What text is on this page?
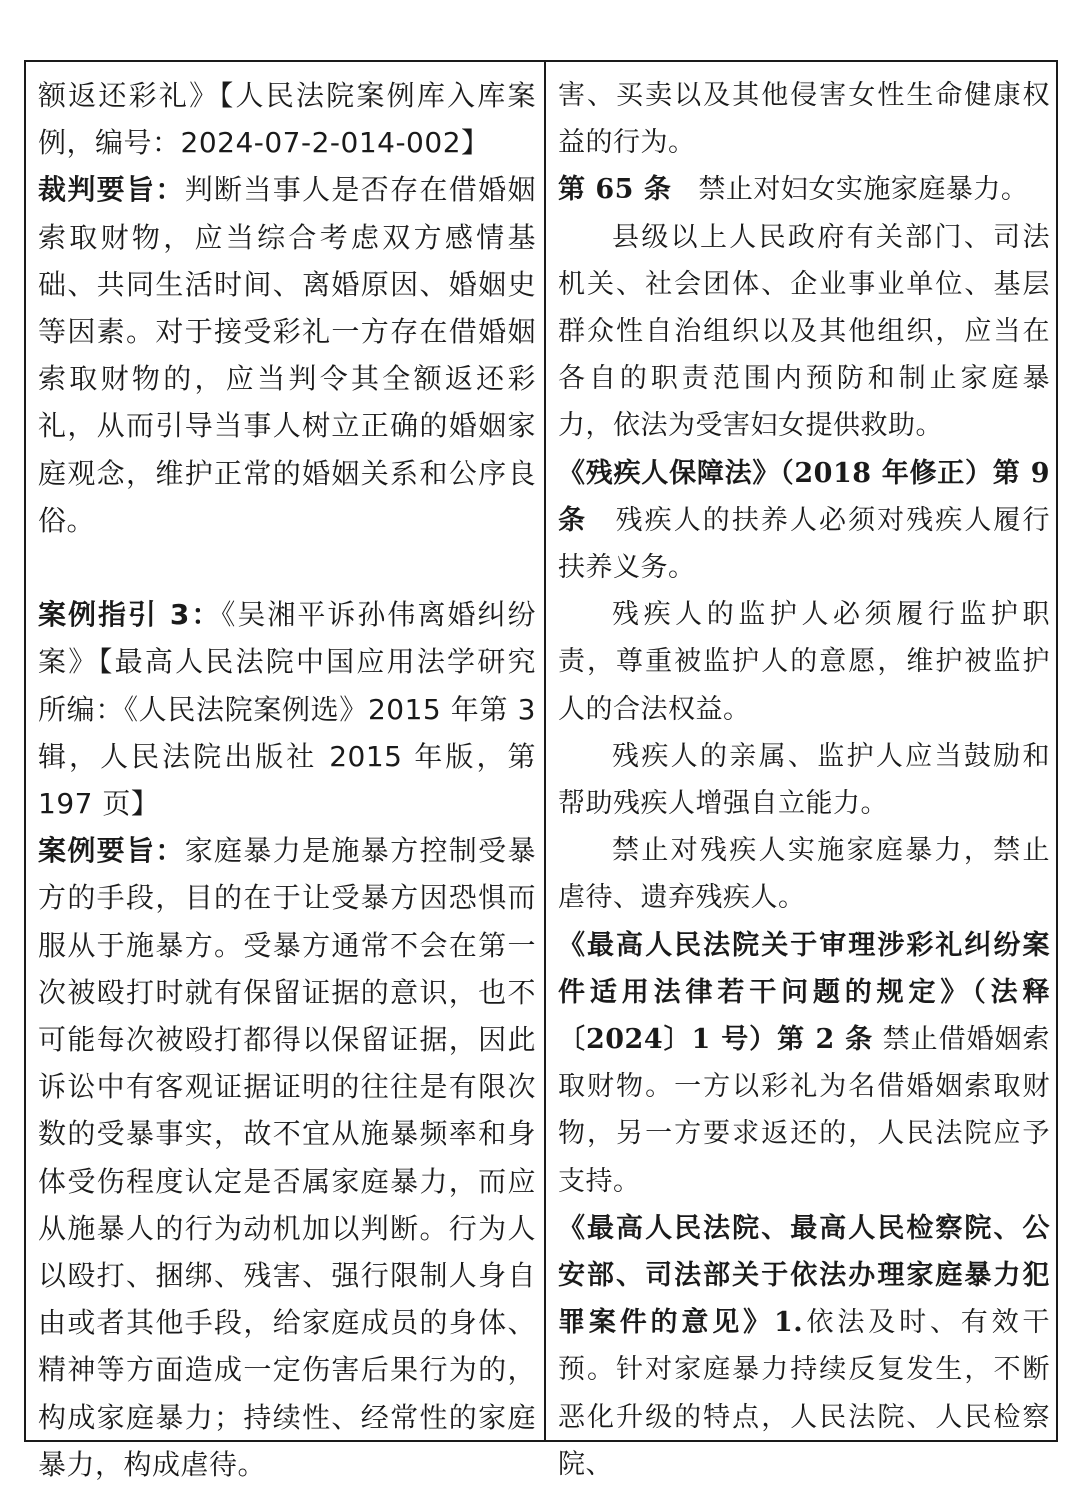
额返还彩礼》【人民法院案例库入库案例，编号：2024-07-2-014-002】

裁判要旨：判断当事人是否存在借婚姻索取财物，应当综合考虑双方感情基础、共同生活时间、离婚原因、婚姻史等因素。对于接受彩礼一方存在借婚姻索取财物的，应当判令其全额返还彩礼，从而引导当事人树立正确的婚姻家庭观念，维护正常的婚姻关系和公序良俗。

案例指引 3：《吴湘平诉孙伟离婚纠纷案》【最高人民法院中国应用法学研究所编：《人民法院案例选》2015 年第 3 辑，人民法院出版社 2015 年版，第 197 页】

案例要旨：家庭暴力是施暴方控制受暴方的手段，目的在于让受暴方因恐惧而服从于施暴方。受暴方通常不会在第一次被殴打时就有保留证据的意识，也不可能每次被殴打都得以保留证据，因此诉讼中有客观证据证明的往往是有限次数的受暴事实，故不宜从施暴频率和身体受伤程度认定是否属家庭暴力，而应从施暴人的行为动机加以判断。行为人以殴打、捆绑、残害、强行限制人身自由或者其他手段，给家庭成员的身体、精神等方面造成一定伤害后果行为的，构成家庭暴力；持续性、经常性的家庭暴力，构成虐待。

害、买卖以及其他侵害女性生命健康权益的行为。

第 65 条 禁止对妇女实施家庭暴力。

县级以上人民政府有关部门、司法机关、社会团体、企业事业单位、基层群众性自治组织以及其他组织，应当在各自的职责范围内预防和制止家庭暴力，依法为受害妇女提供救助。

《残疾人保障法》（2018 年修正）第 9 条 残疾人的扶养人必须对残疾人履行扶养义务。

残疾人的监护人必须履行监护职责，尊重被监护人的意愿，维护被监护人的合法权益。

残疾人的亲属、监护人应当鼓励和帮助残疾人增强自立能力。

禁止对残疾人实施家庭暴力，禁止虐待、遗弃残疾人。

《最高人民法院关于审理涉彩礼纠纷案件适用法律若干问题的规定》（法释〔2024〕1 号）第 2 条 禁止借婚姻索取财物。一方以彩礼为名借婚姻索取财物，另一方要求返还的，人民法院应予支持。

《最高人民法院、最高人民检察院、公安部、司法部关于依法办理家庭暴力犯罪案件的意见》1.依法及时、有效干预。针对家庭暴力持续反复发生，不断恶化升级的特点，人民法院、人民检察院、
